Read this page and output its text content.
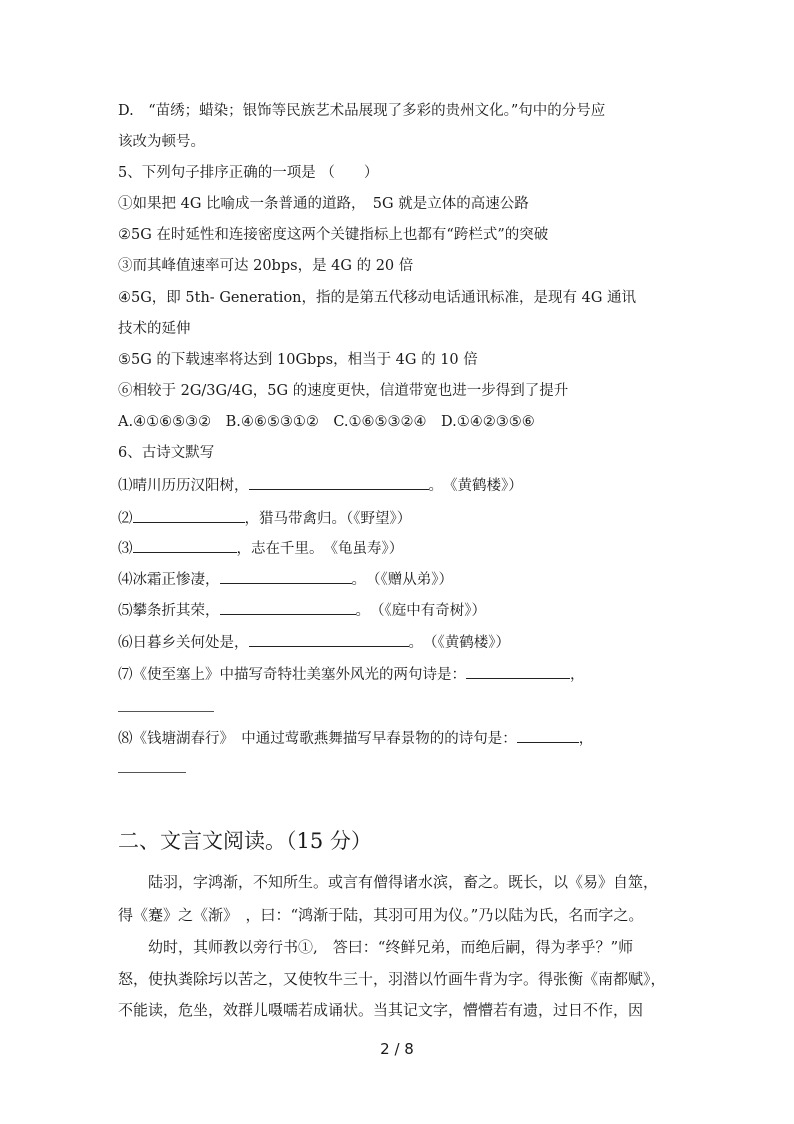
D.　“苗绣；蜡染；银饰等民族艺术品展现了多彩的贵州文化。”句中的分号应
该改为顿号。
5、下列句子排序正确的一项是 （　　）
①如果把 4G 比喻成一条普通的道路，　5G 就是立体的高速公路
②5G 在时延性和连接密度这两个关键指标上也都有“跨栏式”的突破
③而其峰值速率可达 20bps，是 4G 的 20 倍
④5G，即 5th- Generation，指的是第五代移动电话通讯标准，是现有 4G 通讯
技术的延伸
⑤5G 的下载速率将达到 10Gbps，相当于 4G 的 10 倍
⑥相较于 2G/3G/4G，5G 的速度更快，信道带宽也进一步得到了提升
A.④①⑥⑤③②　B.④⑥⑤③①②　C.①⑥⑤③②④　D.①④②③⑤⑥
6、古诗文默写
⑴晴川历历汉阳树，	。　《黄鹤楼》）
⑵	，猎马带禽归。（《野望》）
⑶	，志在千里。　《龟虽寿》）
⑷冰霜正惨凄，	。　（《赠从弟》）
⑸攀条折其荣，	。　（《庭中有奇树》）
⑹日暮乡关何处是，	。　（《黄鹤楼》）
⑺《使至塞上》中描写奇特壮美塞外风光的两句诗是：	，
⑻《钱塘湖春行》　中通过莺歌燕舞描写早春景物的的诗句是：	，
二、文言文阅读。（15 分）
　　陆羽，字鸿渐，不知所生。或言有僧得诸水滨，畜之。既长，以《易》自筮，
得《蹇》之《渐》　，曰：“鸿渐于陆，其羽可用为仪。”乃以陆为氏，名而字之。
　　幼时，其师教以旁行书①,　答曰：“终鲜兄弟，而绝后嗣，得为孝乎？”师
怒，使执粪除圬以苦之，又使牧牛三十，羽潜以竹画牛背为字。得张衡《南都赋》，
不能读，危坐，效群儿嗫嚅若成诵状。当其记文字，懵懵若有遗，过日不作，因
2 / 8
